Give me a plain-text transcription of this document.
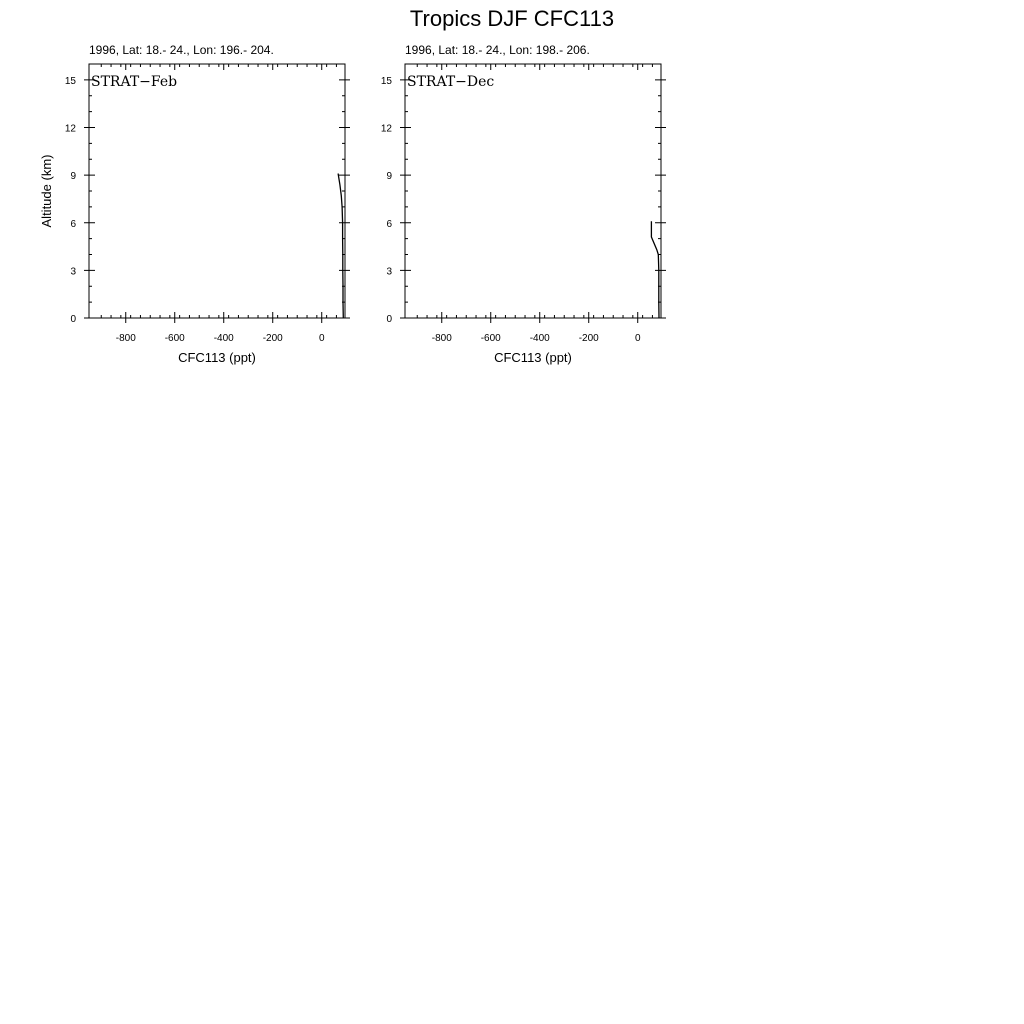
Tropics DJF CFC113
1996, Lat: 18.- 24., Lon: 196.- 204.
-800	-600	-400	-200	0
0
3
6
9
12
15
CFC113 (ppt)
Altitude (km)
STRAT−Feb
1996, Lat: 18.- 24., Lon: 198.- 206.
-800	-600	-400	-200	0
0
3
6
9
12
15
CFC113 (ppt)
STRAT−Dec
